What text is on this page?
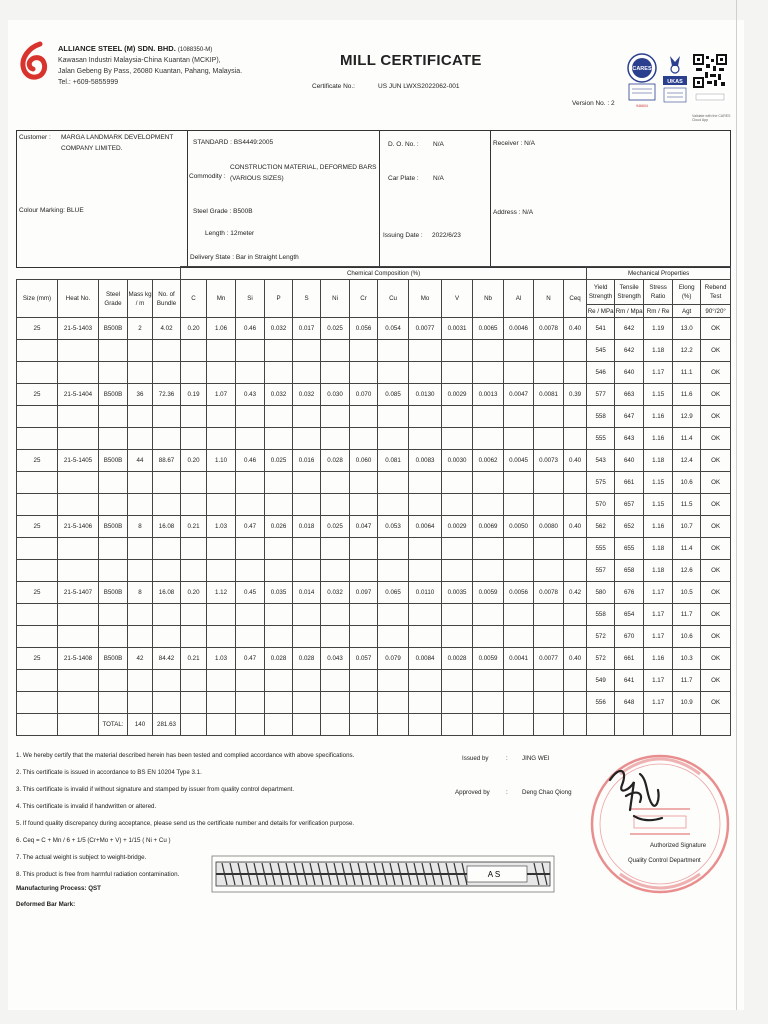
ALLIANCE STEEL (M) SDN. BHD. (1088350-M)
Kawasan Industri Malaysia-China Kuantan (MCKIP),
Jalan Gebeng By Pass, 26080 Kuantan, Pahang, Malaysia.
Tel.: +609-5855999
MILL CERTIFICATE
Certificate No.:	US JUN LWXS2022062-001
Version No. : 2
CARES
946604
UKAS
Validate with the CARES Cloud App
Customer : MARGA LANDMARK DEVELOPMENT
COMPANY LIMITED.
Colour Marking: BLUE
STANDARD : BS4449:2005
Commodity :
CONSTRUCTION MATERIAL, DEFORMED BARS
(VARIOUS SIZES)
Steel Grade : B500B
Length : 12meter
Delivery State : Bar in Straight Length
D. O. No. : N/A
Car Plate : N/A
Issuing Date : 2022/6/23
Receiver : N/A
Address : N/A
					Chemical Composition (%)														Mechanical Properties				
Size (mm)	Heat No.	Steel Grade	Mass kg / m	No. of Bundle	C	Mn	Si	P	S	Ni	Cr	Cu	Mo	V	Nb	Al	N	Ceq	Yield Strength	Tensile Strength	Stress Ratio	Elong (%)	Rebend Test
																			Re / MPa	Rm / Mpa	Rm / Re	Agt	90°/20°
25	21-5-1403	B500B	2	4.02	0.20	1.06	0.46	0.032	0.017	0.025	0.056	0.054	0.0077	0.0031	0.0065	0.0046	0.0078	0.40	541	642	1.19	13.0	OK
																			545	642	1.18	12.2	OK
																			546	640	1.17	11.1	OK
25	21-5-1404	B500B	36	72.36	0.19	1.07	0.43	0.032	0.032	0.030	0.070	0.085	0.0130	0.0029	0.0013	0.0047	0.0081	0.39	577	663	1.15	11.6	OK
																			558	647	1.16	12.9	OK
																			555	643	1.16	11.4	OK
25	21-5-1405	B500B	44	88.67	0.20	1.10	0.46	0.025	0.016	0.028	0.060	0.081	0.0083	0.0030	0.0062	0.0045	0.0073	0.40	543	640	1.18	12.4	OK
																			575	661	1.15	10.6	OK
																			570	657	1.15	11.5	OK
25	21-5-1406	B500B	8	16.08	0.21	1.03	0.47	0.026	0.018	0.025	0.047	0.053	0.0064	0.0029	0.0069	0.0050	0.0080	0.40	562	652	1.16	10.7	OK
																			555	655	1.18	11.4	OK
																			557	658	1.18	12.6	OK
25	21-5-1407	B500B	8	16.08	0.20	1.12	0.45	0.035	0.014	0.032	0.097	0.065	0.0110	0.0035	0.0059	0.0056	0.0078	0.42	580	676	1.17	10.5	OK
																			558	654	1.17	11.7	OK
																			572	670	1.17	10.6	OK
25	21-5-1408	B500B	42	84.42	0.21	1.03	0.47	0.028	0.028	0.043	0.057	0.079	0.0084	0.0028	0.0059	0.0041	0.0077	0.40	572	661	1.16	10.3	OK
																			549	641	1.17	11.7	OK
																			556	648	1.17	10.9	OK
		TOTAL:	140	281.63																			
1. We hereby certify that the material described herein has been tested and complied accordance with above specifications.
2. This certificate is issued in accordance to BS EN 10204 Type 3.1.
3. This certificate is invalid if without signature and stamped by issuer from quality control department.
4. This certificate is invalid if handwritten or altered.
5. If found quality discrepancy during acceptance, please send us the certificate number and details for verification purpose.
6. Ceq = C + Mn / 6 + 1/5 (Cr+Mo + V) + 1/15 ( Ni + Cu )
7. The actual weight is subject to weight-bridge.
8. This product is free from harmful radiation contamination.
Manufacturing Process: QST
Deformed Bar Mark:
Issued by	: JING WEI
Approved by	: Deng Chao Qiong
A S
Authorized Signature
Quality Control Department
